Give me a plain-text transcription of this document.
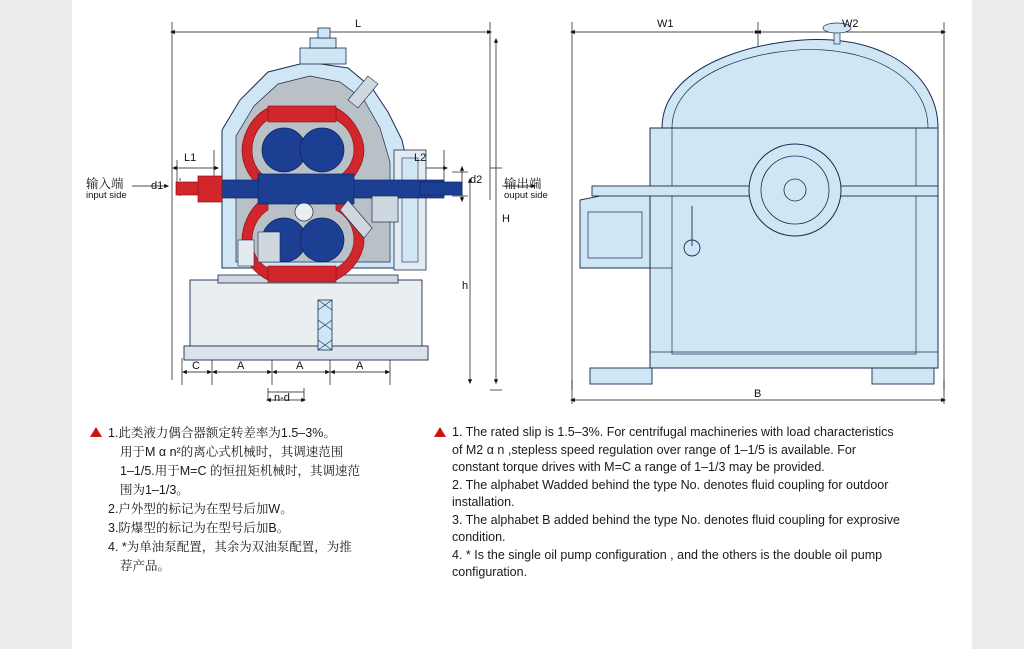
L
L1	L2
d1	d2
H
h
C	A	A	A
n-d
输入端
input side
输出端
ouput side
W1	W2
B

1.此类液力偶合器额定转差率为1.5–3%。

用于M α n²的离心式机械时，其调速范围

1–1/5.用于M=C 的恒扭矩机械时，其调速范

围为1–1/3。

2.户外型的标记为在型号后加W。

3.防爆型的标记为在型号后加B。

4. *为单油泵配置，其余为双油泵配置，为推

荐产品。

1. The rated slip is 1.5–3%. For centrifugal machineries with load characteristics

of M2 α n ,stepless speed regulation over range of 1–1/5 is available. For

constant torque drives with M=C a range of 1–1/3 may be provided.

2. The alphabet Wadded behind the type No. denotes fluid coupling for outdoor

installation.

3. The alphabet B added behind the type No. denotes fluid coupling for exprosive

condition.

4. * Is the single oil pump configuration , and the others is the double oil pump

configuration.
